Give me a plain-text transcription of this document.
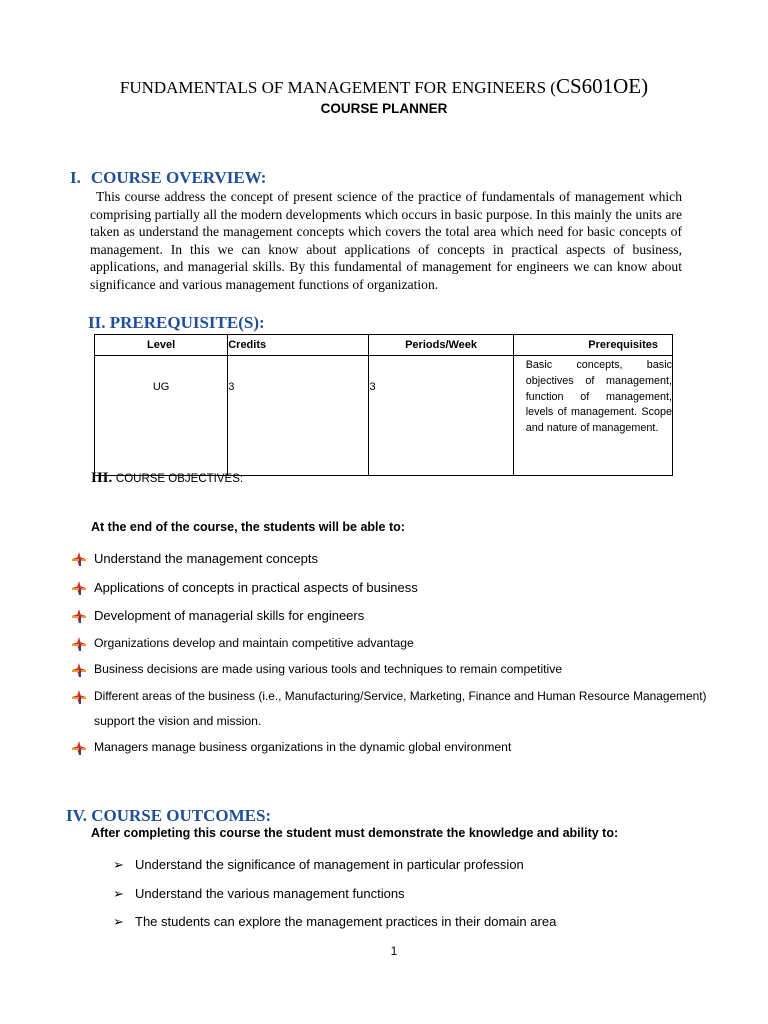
FUNDAMENTALS OF MANAGEMENT FOR ENGINEERS (CS601OE)
COURSE PLANNER
I. COURSE OVERVIEW:
This course address the concept of present science of the practice of fundamentals of management which comprising partially all the modern developments which occurs in basic purpose. In this mainly the units are taken as understand the management concepts which covers the total area which need for basic concepts of management. In this we can know about applications of concepts in practical aspects of business, applications, and managerial skills. By this fundamental of management for engineers we can know about significance and various management functions of organization.
II. PREREQUISITE(S):
Level	Credits	Periods/Week	Prerequisites
UG	3	3	Basic concepts, basic objectives of management, function of management, levels of management. Scope and nature of management.
III. COURSE OBJECTIVES:
At the end of the course, the students will be able to:
Understand the management concepts
Applications of concepts in practical aspects of business
Development of managerial skills for engineers
Organizations develop and maintain competitive advantage
Business decisions are made using various tools and techniques to remain competitive
Different areas of the business (i.e., Manufacturing/Service, Marketing, Finance and Human Resource Management)
support the vision and mission.
Managers manage business organizations in the dynamic global environment
IV. COURSE OUTCOMES:
After completing this course the student must demonstrate the knowledge and ability to:
➢ Understand the significance of management in particular profession
➢ Understand the various management functions
➢ The students can explore the management practices in their domain area
1
